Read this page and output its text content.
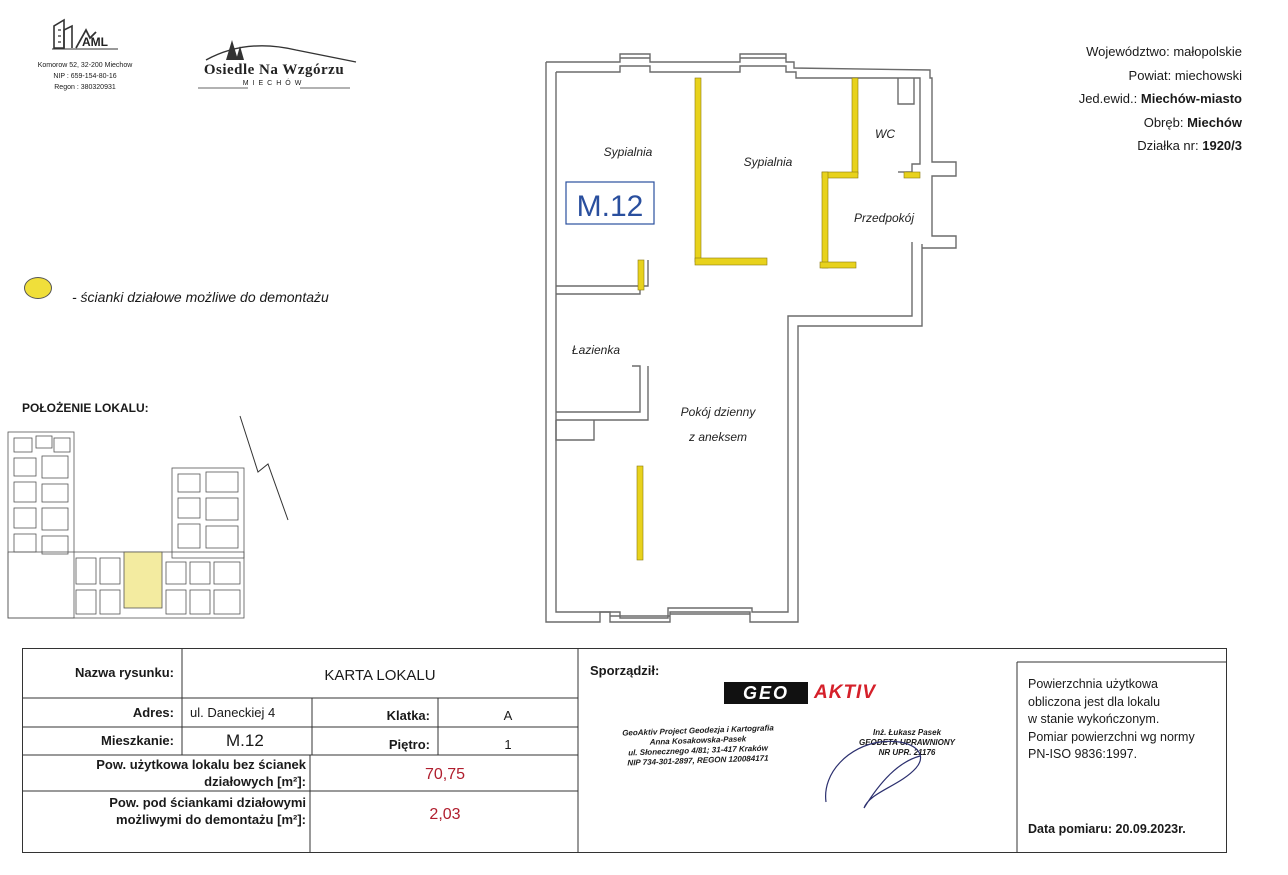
AML
Komorow 52, 32-200 Miechow
NIP : 659-154-80-16
Regon : 380320931
Osiedle Na Wzgórzu
MIECHÓW
Województwo: małopolskie
Powiat: miechowski
Jed.ewid.: Miechów-miasto
Obręb: Miechów
Działka nr: 1920/3
- ścianki działowe możliwe do demontażu
POŁOŻENIE LOKALU:
M.12
Sypialnia
Sypialnia
WC
Przedpokój
Łazienka
Pokój dzienny
z aneksem
Nazwa rysunku:	KARTA LOKALU
Adres: ul. Daneckiej 4	Klatka:	A
Mieszkanie:	M.12	Piętro:	1
Pow. użytkowa lokalu bez ścianek
działowych [m²]:	70,75
Pow. pod ściankami działowymi
możliwymi do demontażu [m²]:	2,03
Sporządził:
GEO	AKTIV
GeoAktiv Project Geodezja i Kartografia
Anna Kosakowska-Pasek
ul. Słonecznego 4/81; 31-417 Kraków
NIP 734-301-2897, REGON 120084171
Inż. Łukasz Pasek
GEODETA UPRAWNIONY
NR UPR. 21176
Powierzchnia użytkowa
obliczona jest dla lokalu
w stanie wykończonym.
Pomiar powierzchni wg normy
PN-ISO 9836:1997.
Data pomiaru: 20.09.2023r.
